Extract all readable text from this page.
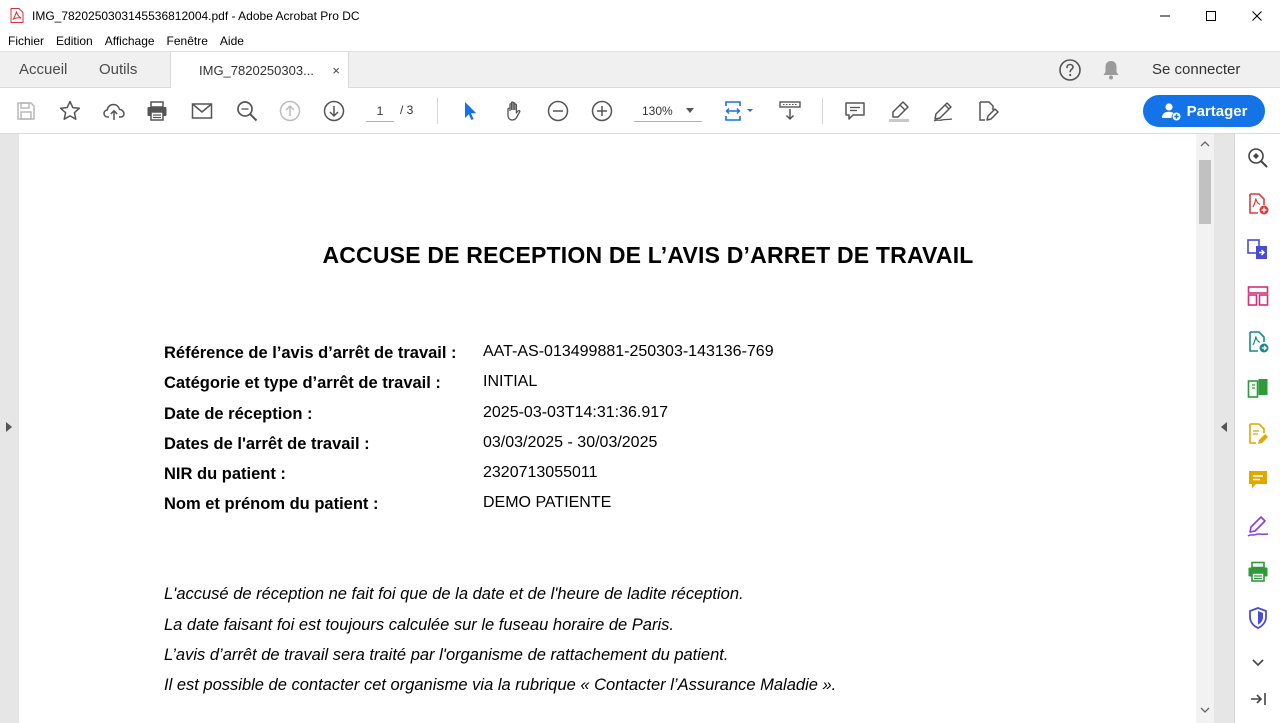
IMG_78202503031455368120​04.pdf - Adobe Acrobat Pro DC
Fichier	Edition	Affichage	Fenêtre	Aide
Accueil Outils	IMG_7820250303... ×	Se connecter
1
/ 3	130%	Partager
ACCUSE DE RECEPTION DE L’AVIS D’ARRET DE TRAVAIL
Référence de l’avis d’arrêt de travail : AAT-AS-013499881-250303-143136-769
Catégorie et type d’arrêt de travail :	INITIAL
Date de réception :	2025-03-03T14:31:36.917
Dates de l'arrêt de travail :	03/03/2025 - 30/03/2025
NIR du patient :	2320713055011
Nom et prénom du patient :	DEMO PATIENTE
L'accusé de réception ne fait foi que de la date et de l'heure de ladite réception.
La date faisant foi est toujours calculée sur le fuseau horaire de Paris.
L’avis d’arrêt de travail sera traité par l'organisme de rattachement du patient.
Il est possible de contacter cet organisme via la rubrique « Contacter l’Assurance Maladie ».
